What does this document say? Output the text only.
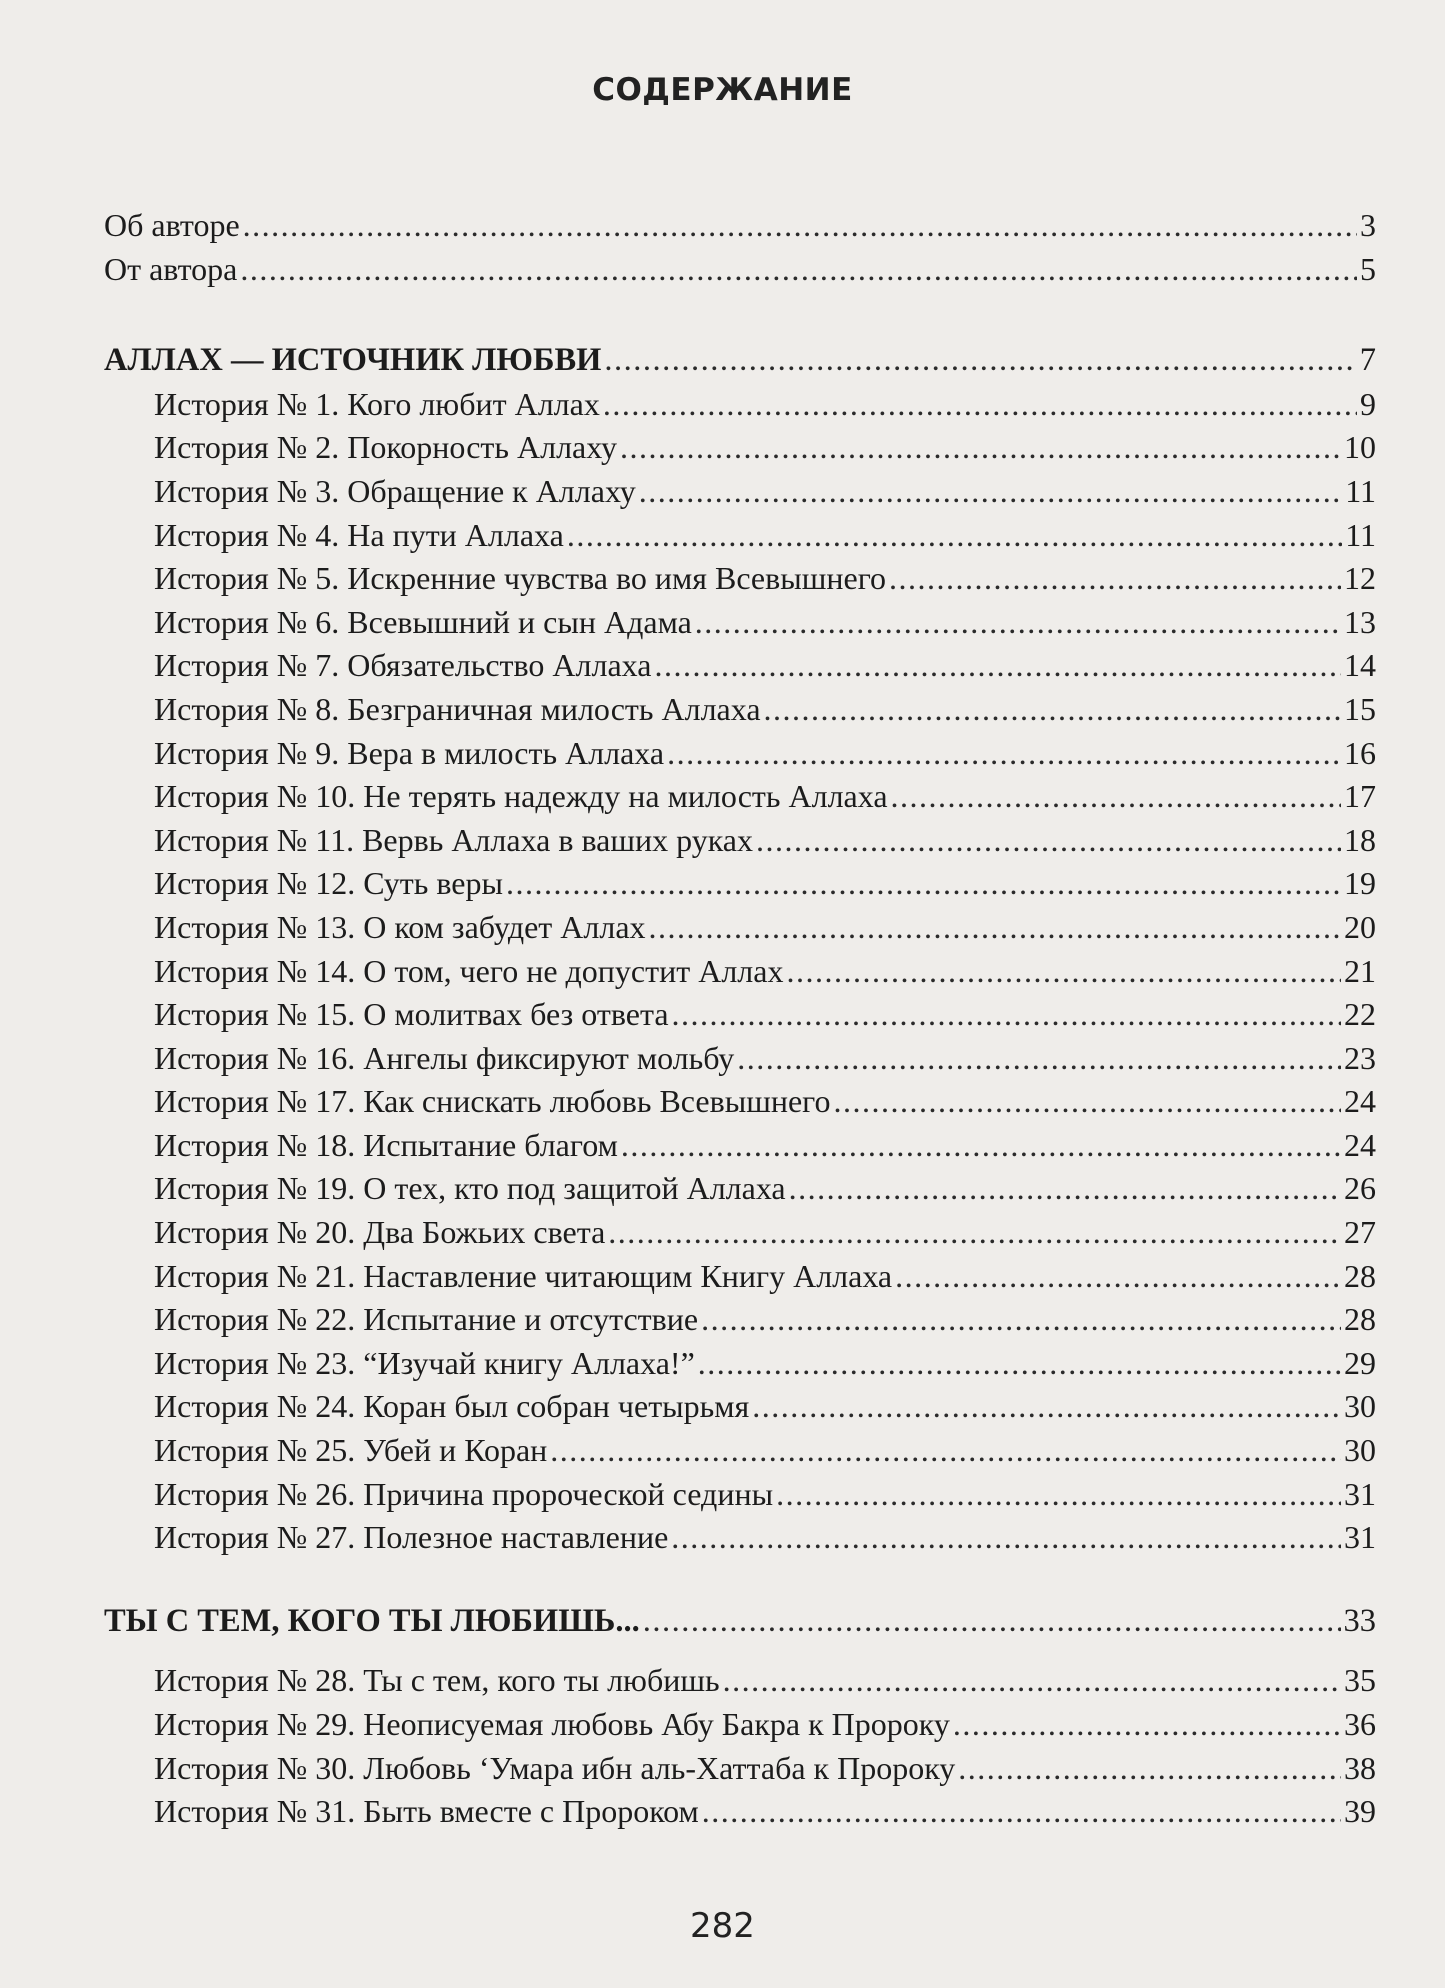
СОДЕРЖАНИЕ
Об авторе .....	3
От автора .....	5
АЛЛАХ — ИСТОЧНИК ЛЮБВИ .....	7
История № 1. Кого любит Аллах .....	9
История № 2. Покорность Аллаху .....	10
История № 3. Обращение к Аллаху .....	11
История № 4. На пути Аллаха .....	11
История № 5. Искренние чувства во имя Всевышнего .....	12
История № 6. Всевышний и сын Адама .....	13
История № 7. Обязательство Аллаха .....	14
История № 8. Безграничная милость Аллаха .....	15
История № 9. Вера в милость Аллаха .....	16
История № 10. Не терять надежду на милость Аллаха .....	17
История № 11. Вервь Аллаха в ваших руках .....	18
История № 12. Суть веры .....	19
История № 13. О ком забудет Аллах .....	20
История № 14. О том, чего не допустит Аллах .....	21
История № 15. О молитвах без ответа .....	22
История № 16. Ангелы фиксируют мольбу .....	23
История № 17. Как снискать любовь Всевышнего .....	24
История № 18. Испытание благом .....	24
История № 19. О тех, кто под защитой Аллаха .....	26
История № 20. Два Божьих света .....	27
История № 21. Наставление читающим Книгу Аллаха .....	28
История № 22. Испытание и отсутствие .....	28
История № 23. “Изучай книгу Аллаха!” .....	29
История № 24. Коран был собран четырьмя .....	30
История № 25. Убей и Коран .....	30
История № 26. Причина пророческой седины .....	31
История № 27. Полезное наставление .....	31
ТЫ С ТЕМ, КОГО ТЫ ЛЮБИШЬ... .....	33
История № 28. Ты с тем, кого ты любишь .....	35
История № 29. Неописуемая любовь Абу Бакра к Пророку .....	36
История № 30. Любовь ‘Умара ибн аль-Хаттаба к Пророку .....	38
История № 31. Быть вместе с Пророком .....	39
282
